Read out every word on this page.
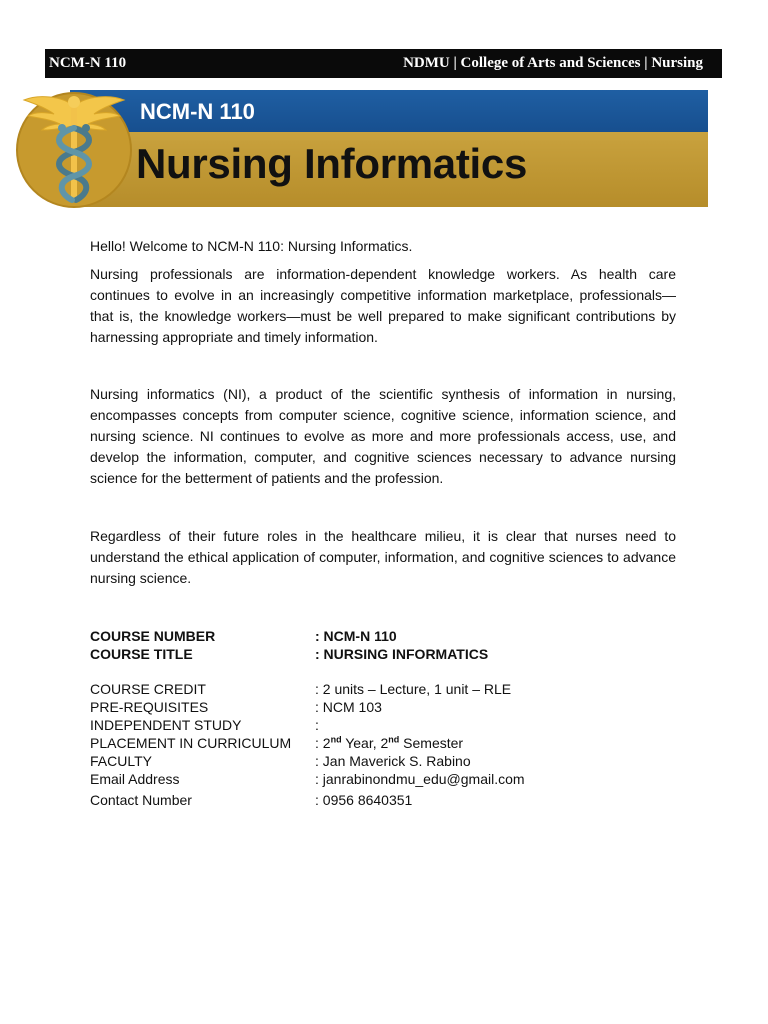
NCM-N 110	NDMU | College of Arts and Sciences | Nursing
NCM-N 110
Nursing Informatics

Hello! Welcome to NCM-N 110: Nursing Informatics.

Nursing professionals are information-dependent knowledge workers. As health care continues to evolve in an increasingly competitive information marketplace, professionals—that is, the knowledge workers—must be well prepared to make significant contributions by harnessing appropriate and timely information.

Nursing informatics (NI), a product of the scientific synthesis of information in nursing, encompasses concepts from computer science, cognitive science, information science, and nursing science. NI continues to evolve as more and more professionals access, use, and develop the information, computer, and cognitive sciences necessary to advance nursing science for the betterment of patients and the profession.

Regardless of their future roles in the healthcare milieu, it is clear that nurses need to understand the ethical application of computer, information, and cognitive sciences to advance nursing science.

COURSE NUMBER	: NCM-N 110
COURSE TITLE	: NURSING INFORMATICS
COURSE CREDIT	: 2 units – Lecture, 1 unit – RLE
PRE-REQUISITES	: NCM 103
INDEPENDENT STUDY	:
PLACEMENT IN CURRICULUM : 2nd Year, 2nd Semester
FACULTY	: Jan Maverick S. Rabino
Email Address	: janrabinondmu_edu@gmail.com
Contact Number	: 0956 8640351
